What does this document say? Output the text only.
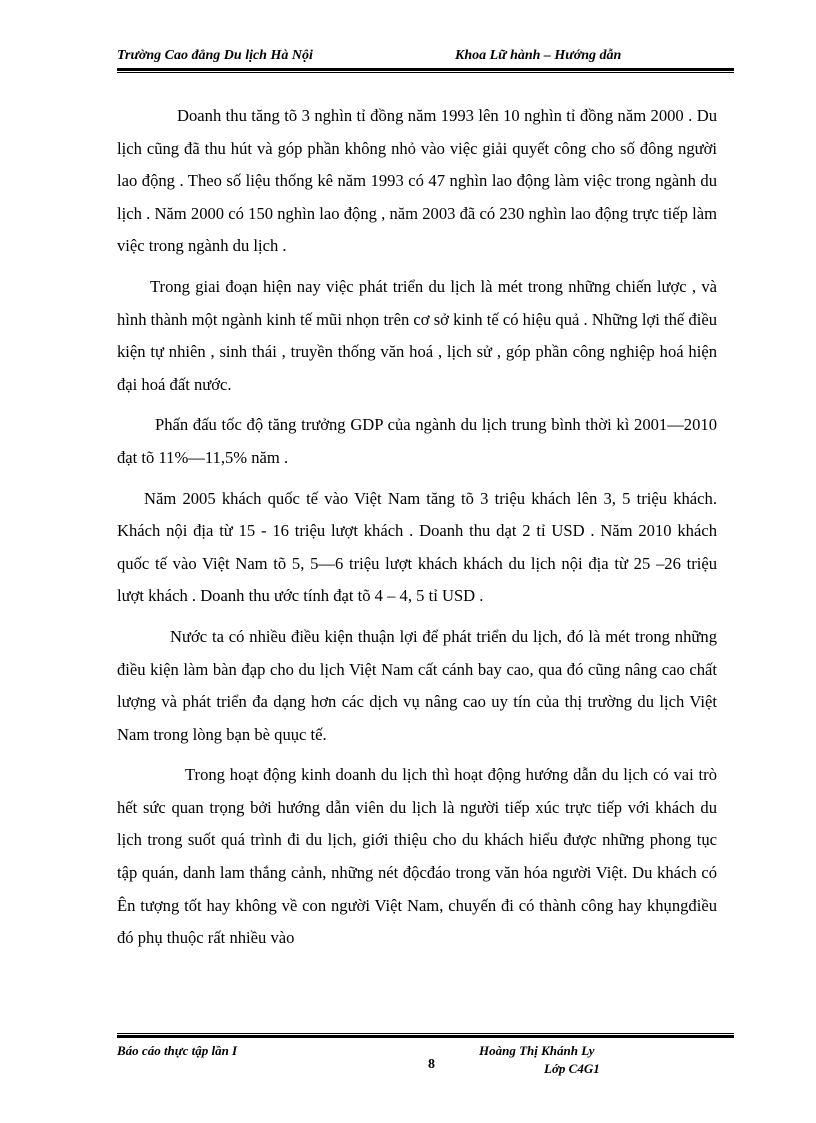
Trường Cao đẳng Du lịch Hà Nội	Khoa Lữ hành – Hướng dẫn

Doanh thu tăng tõ 3 nghìn tỉ đồng năm 1993 lên 10 nghìn tỉ đồng năm 2000 . Du lịch cũng đã thu hút và góp phần không nhỏ vào việc giải quyết công cho số đông người lao động . Theo số liệu thống kê năm 1993 có 47 nghìn lao động làm việc trong ngành du lịch . Năm 2000 có 150 nghìn lao động , năm 2003 đã có 230 nghìn lao động trực tiếp làm việc trong ngành du lịch .

Trong giai đoạn hiện nay việc phát triển du lịch là mét trong những chiến lược , và hình thành một ngành kinh tế mũi nhọn trên cơ sở kinh tế có hiệu quả . Những lợi thế điều kiện tự nhiên , sinh thái , truyền thống văn hoá , lịch sử , góp phần công nghiệp hoá hiện đại hoá đất nước.

Phấn đấu tốc độ tăng trưởng GDP của ngành du lịch trung bình thời kì 2001—2010 đạt tõ 11%—11,5% năm .

Năm 2005 khách quốc tế vào Việt Nam tăng tõ 3 triệu khách lên 3, 5 triệu khách. Khách nội địa từ 15 - 16 triệu lượt khách . Doanh thu dạt 2 tỉ USD . Năm 2010 khách quốc tế vào Việt Nam tõ 5, 5—6 triệu lượt khách khách du lịch nội địa từ 25 –26 triệu lượt khách . Doanh thu ước tính đạt tõ 4 – 4, 5 tỉ USD .

Nước ta có nhiều điều kiện thuận lợi để phát triển du lịch, đó là mét trong những điều kiện làm bàn đạp cho du lịch Việt Nam cất cánh bay cao, qua đó cũng nâng cao chất lượng và phát triển đa dạng hơn các dịch vụ nâng cao uy tín của thị trường du lịch Việt Nam trong lòng bạn bè quục tế.

Trong hoạt động kinh doanh du lịch thì hoạt động hướng dẫn du lịch có vai trò hết sức quan trọng bởi hướng dẫn viên du lịch là người tiếp xúc trực tiếp với khách du lịch trong suốt quá trình đi du lịch, giới thiệu cho du khách hiểu được những phong tục tập quán, danh lam thắng cảnh, những nét độcđáo trong văn hóa người Việt. Du khách có Ên tượng tốt hay không về con người Việt Nam, chuyến đi có thành công hay khụngđiều đó phụ thuộc rất nhiều vào

Báo cáo thực tập lần I
8
Hoàng Thị Khánh Ly
Lớp C4G1
